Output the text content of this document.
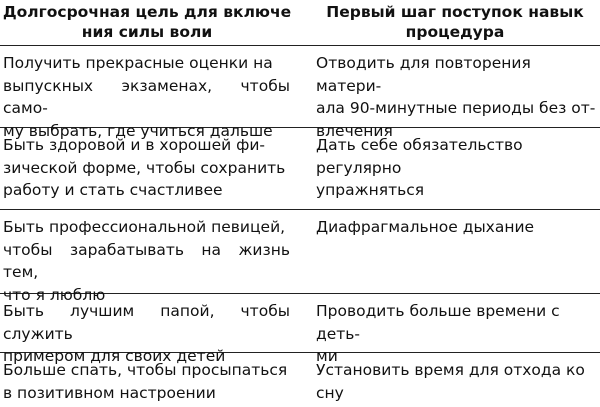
Долгосрочная цель для включе
ния силы воли
Первый шаг поступок навык
процедура
Получить прекрасные оценки на
выпускных экзаменах, чтобы само-
му выбрать, где учиться дальше
Отводить для повторения матери-
ала 90-минутные периоды без от-
влечения
Быть здоровой и в хорошей фи-
зической форме, чтобы сохранить
работу и стать счастливее
Дать себе обязательство регулярно
упражняться
Быть профессиональной певицей,
чтобы зарабатывать на жизнь тем,
что я люблю
Диафрагмальное дыхание
Быть лучшим папой, чтобы служить
примером для своих детей
Проводить больше времени с деть-
ми
Больше спать, чтобы просыпаться
в позитивном настроении
Установить время для отхода ко сну
